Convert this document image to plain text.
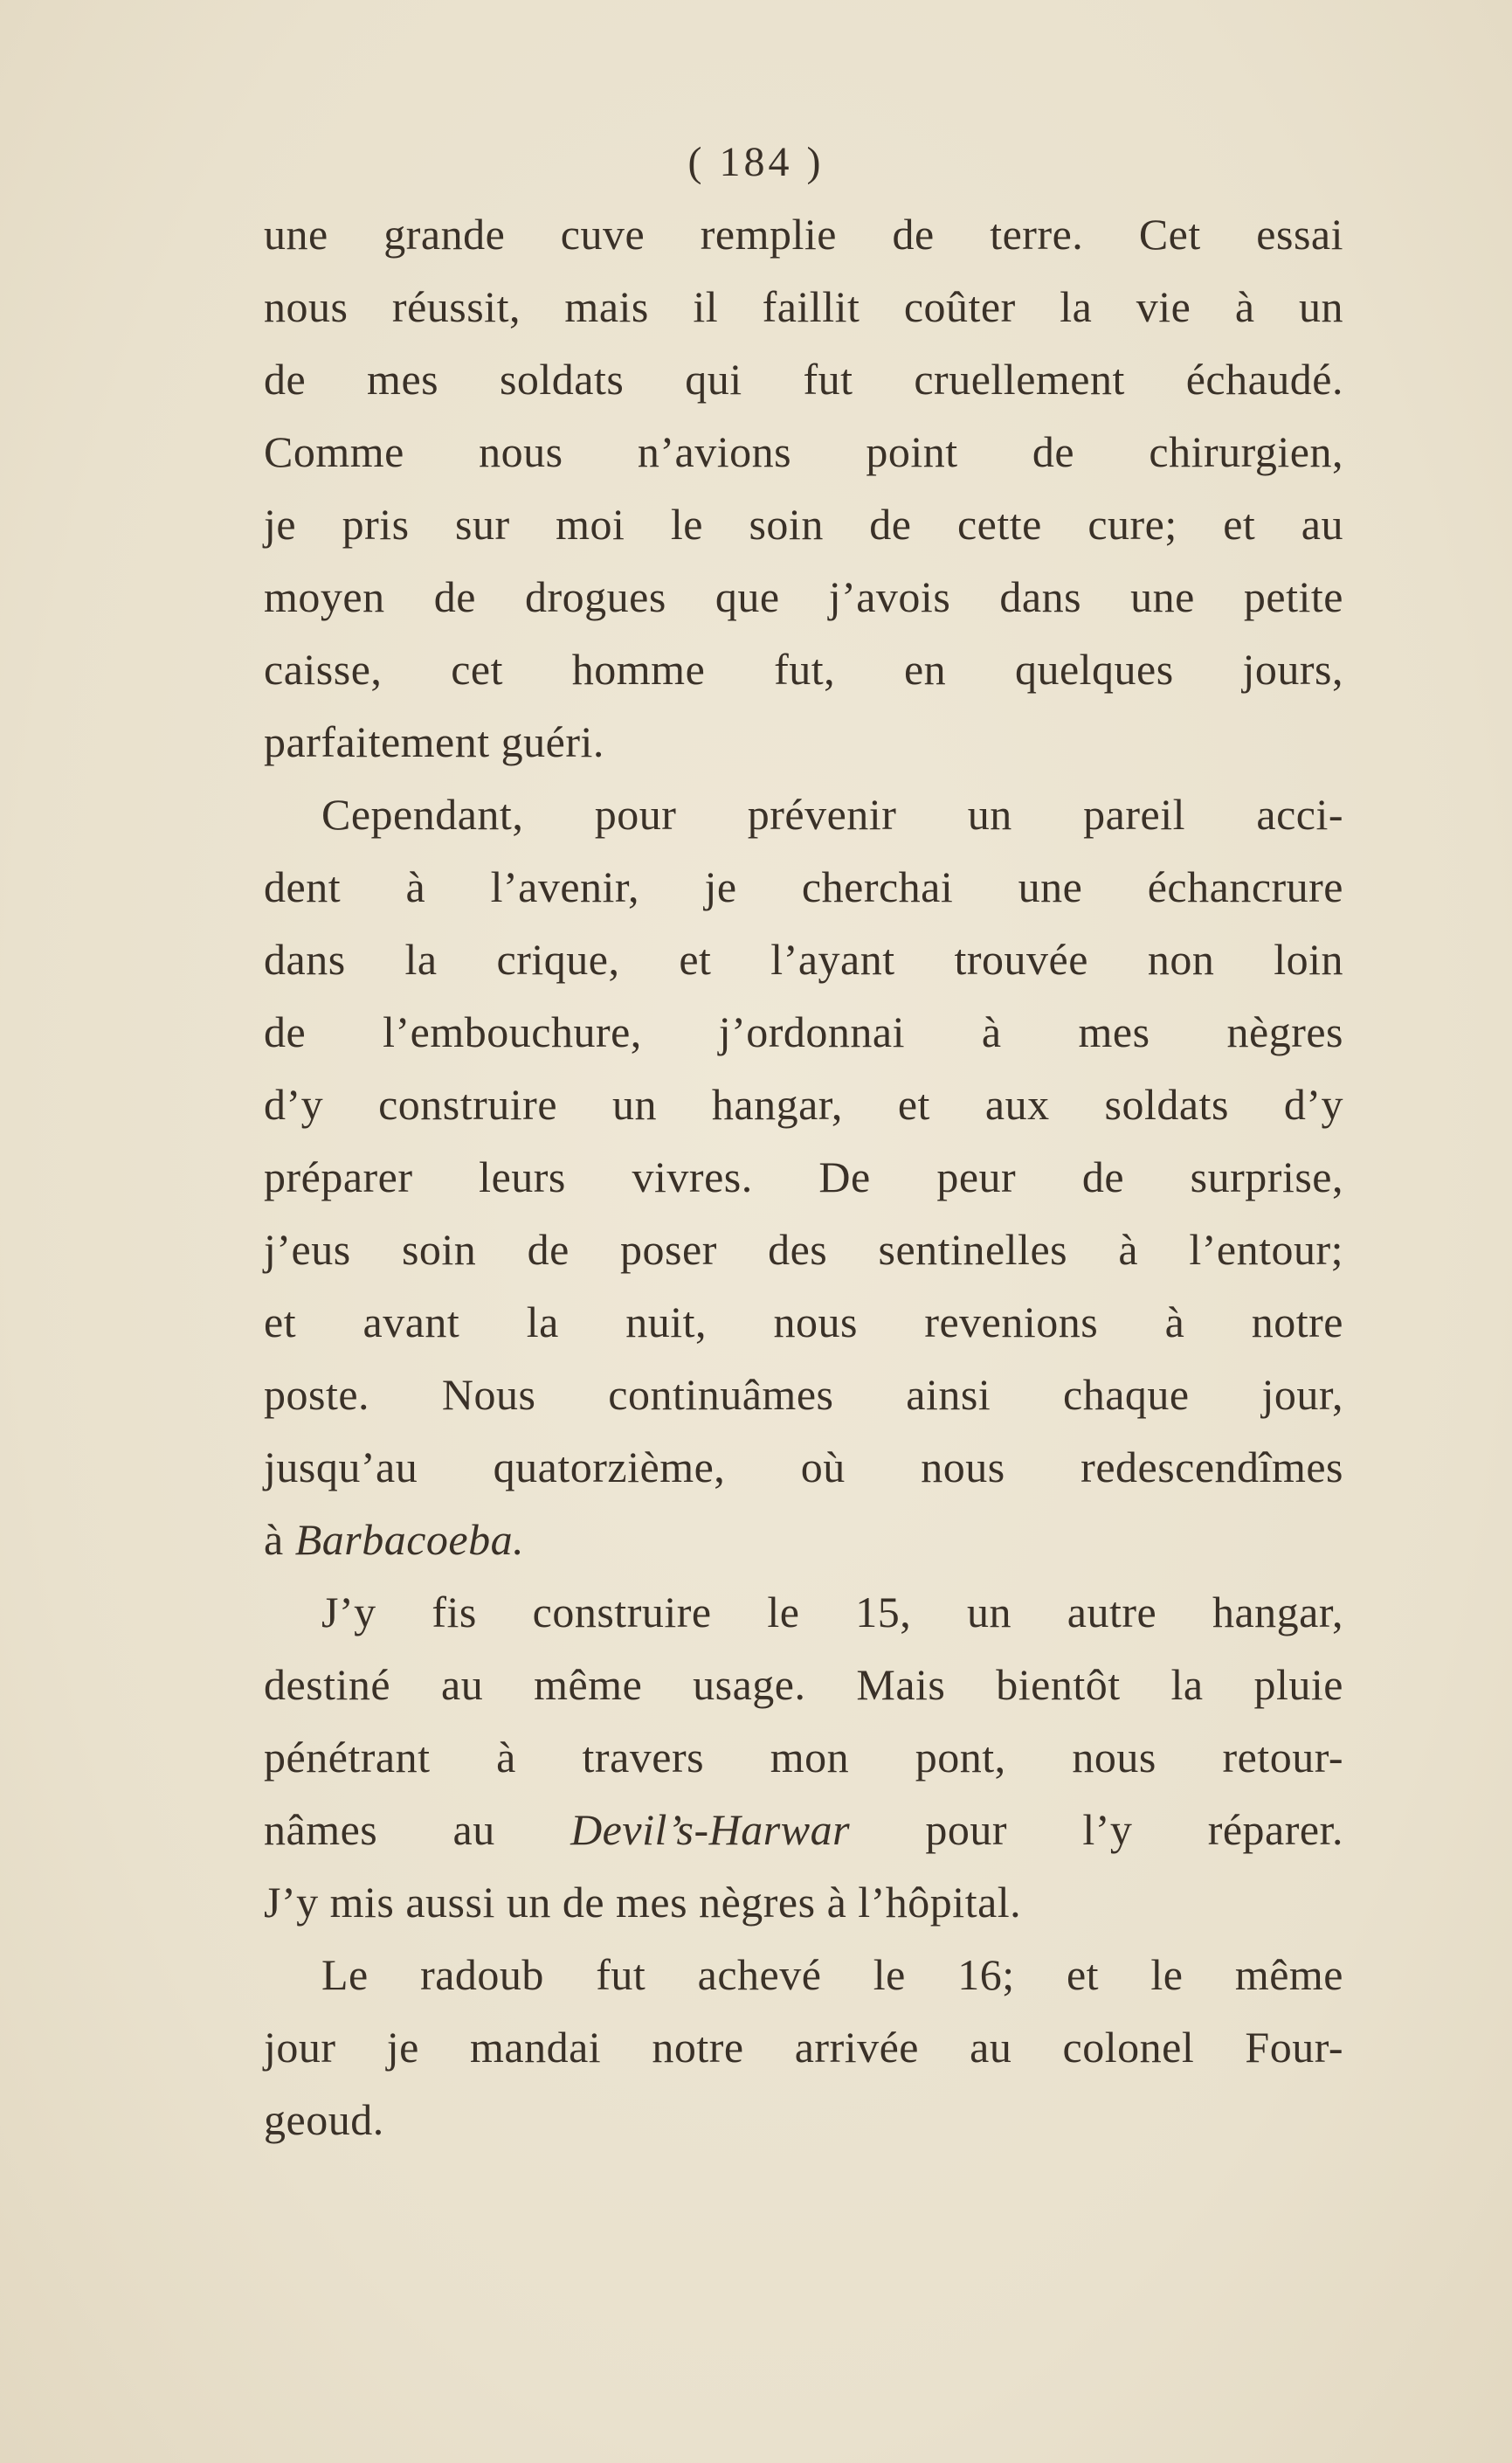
( 184 )
une grande cuve remplie de terre. Cet essai
nous réussit, mais il faillit coûter la vie à un
de mes soldats qui fut cruellement échaudé.
Comme nous n’avions point de chirurgien,
je pris sur moi le soin de cette cure; et au
moyen de drogues que j’avois dans une petite
caisse, cet homme fut, en quelques jours,
parfaitement guéri.
Cependant, pour prévenir un pareil acci-
dent à l’avenir, je cherchai une échancrure
dans la crique, et l’ayant trouvée non loin
de l’embouchure, j’ordonnai à mes nègres
d’y construire un hangar, et aux soldats d’y
préparer leurs vivres. De peur de surprise,
j’eus soin de poser des sentinelles à l’entour;
et avant la nuit, nous revenions à notre
poste. Nous continuâmes ainsi chaque jour,
jusqu’au quatorzième, où nous redescendîmes
à Barbacoeba.
J’y fis construire le 15, un autre hangar,
destiné au même usage. Mais bientôt la pluie
pénétrant à travers mon pont, nous retour-
nâmes au Devil’s-Harwar pour l’y réparer.
J’y mis aussi un de mes nègres à l’hôpital.
Le radoub fut achevé le 16; et le même
jour je mandai notre arrivée au colonel Four-
geoud.
